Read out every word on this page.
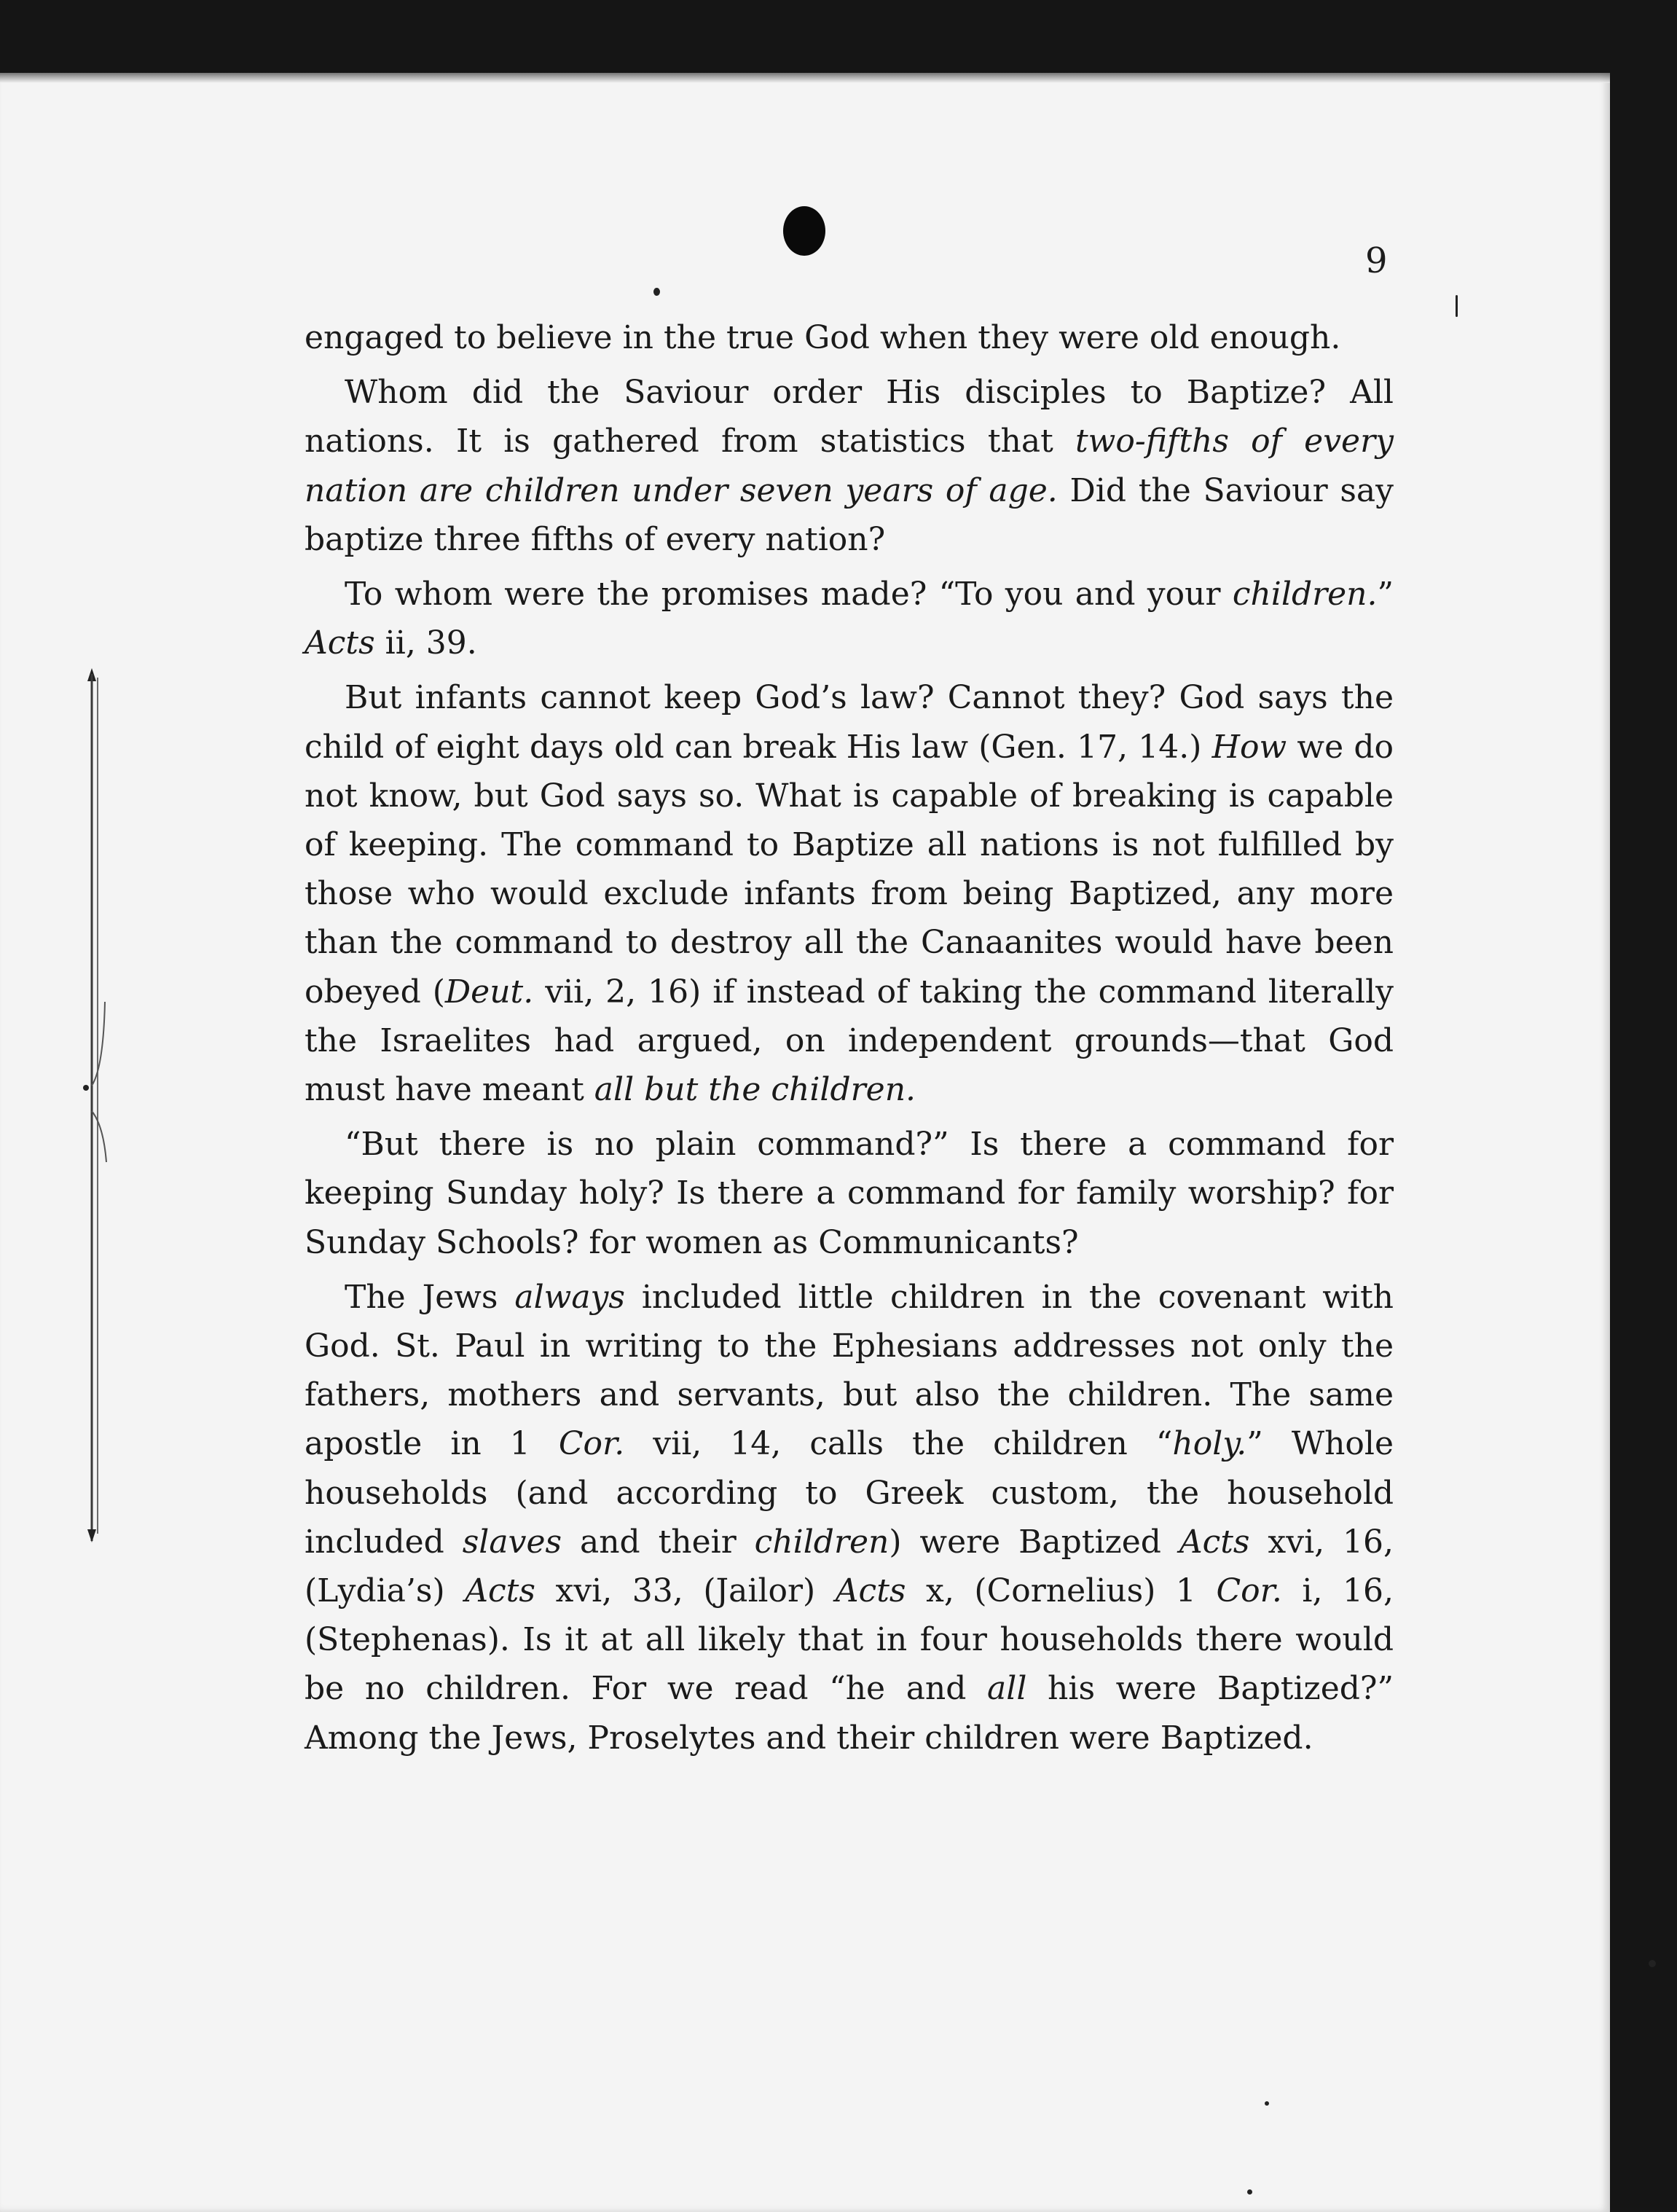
9

engaged to believe in the true God when they were old enough.

Whom did the Saviour order His disciples to Baptize? All nations. It is gathered from statistics that two-fifths of every nation are children under seven years of age. Did the Saviour say baptize three fifths of every nation?

To whom were the promises made? “To you and your children.” Acts ii, 39.

But infants cannot keep God’s law? Cannot they? God says the child of eight days old can break His law (Gen. 17, 14.) How we do not know, but God says so. What is capable of breaking is capable of keeping. The command to Baptize all nations is not fulfilled by those who would exclude infants from being Baptized, any more than the command to destroy all the Canaanites would have been obeyed (Deut. vii, 2, 16) if instead of taking the command literally the Israelites had argued, on independent grounds—that God must have meant all but the children.

“But there is no plain command?” Is there a command for keeping Sunday holy? Is there a command for family worship? for Sunday Schools? for women as Communicants?

The Jews always included little children in the covenant with God. St. Paul in writing to the Ephesians addresses not only the fathers, mothers and servants, but also the children. The same apostle in 1 Cor. vii, 14, calls the children “holy.” Whole households (and according to Greek custom, the household included slaves and their children) were Baptized Acts xvi, 16, (Lydia’s) Acts xvi, 33, (Jailor) Acts x, (Cornelius) 1 Cor. i, 16, (Stephenas). Is it at all likely that in four households there would be no children. For we read “he and all his were Baptized?” Among the Jews, Proselytes and their children were Baptized.
